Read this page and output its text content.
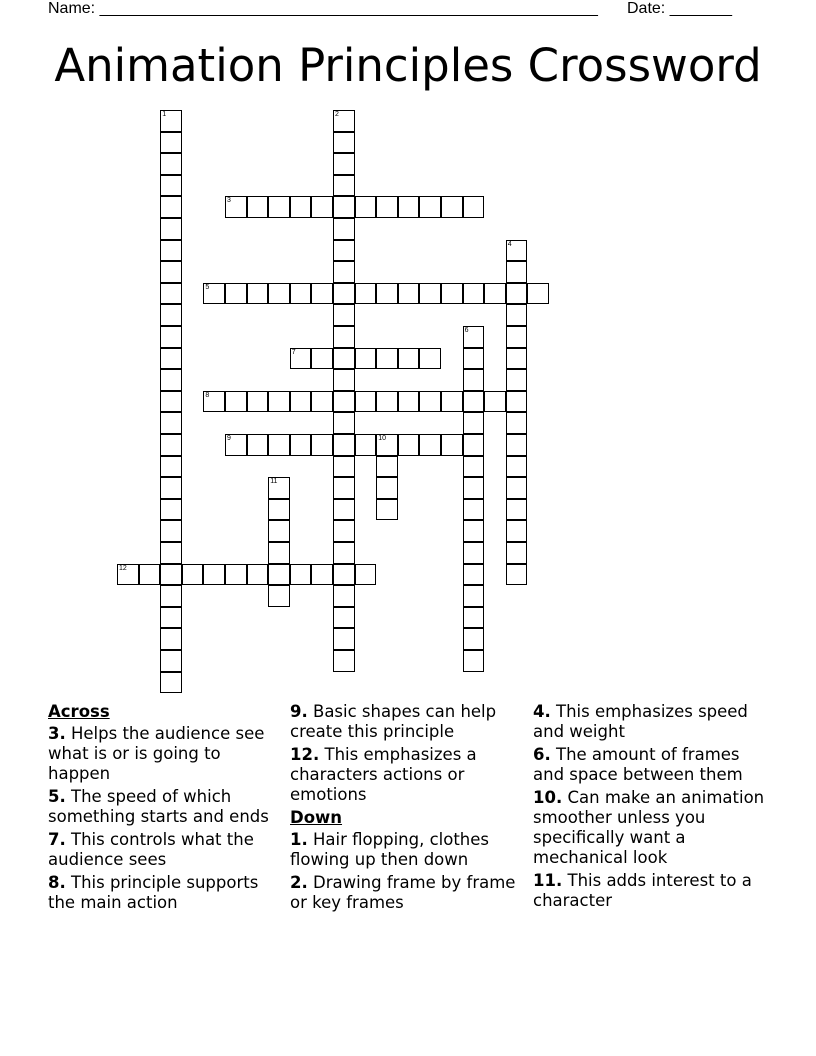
Name: ________________________________________________________ Date: _______
Animation Principles Crossword
1	2
3
4
5
6
7
8
9	10
11
12
Across
3. Helps the audience see what is or is going to happen
5. The speed of which something starts and ends
7. This controls what the audience sees
8. This principle supports the main action
9. Basic shapes can help create this principle
12. This emphasizes a characters actions or emotions
Down
1. Hair flopping, clothes flowing up then down
2. Drawing frame by frame or key frames
4. This emphasizes speed and weight
6. The amount of frames and space between them
10. Can make an animation smoother unless you specifically want a mechanical look
11. This adds interest to a character
